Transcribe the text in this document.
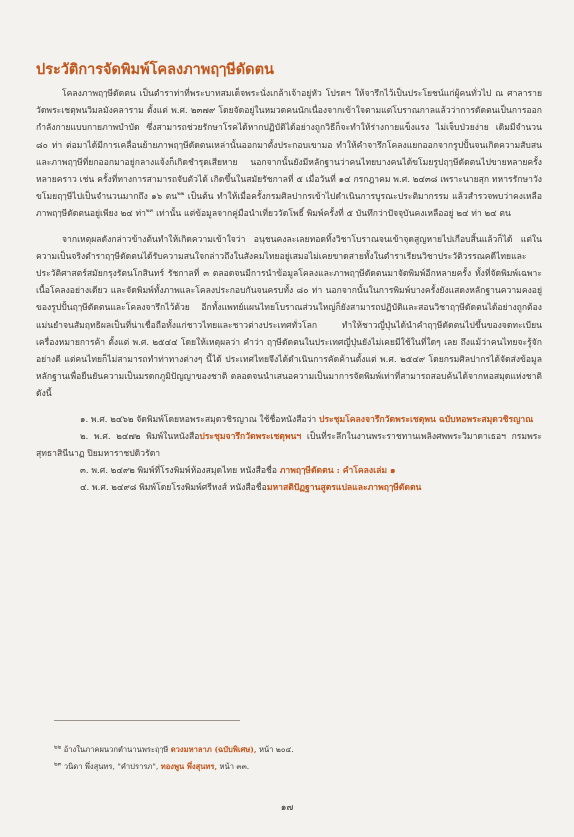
ประวัติการจัดพิมพ์โคลงภาพฤๅษีดัดตน

โคลงภาพฤๅษีดัดตน เป็นตำราท่าที่พระบาทสมเด็จพระนั่งเกล้าเจ้าอยู่หัว โปรดฯ ให้จารึกไว้เป็นประโยชน์แก่ผู้คนทั่วไป ณ ศาลารายวัดพระเชตุพนวิมลมังคลาราม ตั้งแต่ พ.ศ. ๒๓๗๙ โดยจัดอยู่ในหมวดคนนักเนื่องจากเข้าใจตามแต่โบราณกาลแล้วว่าการดัดตนเป็นการออกกำลังกายแบบกายภาพบำบัด ซึ่งสามารถช่วยรักษาโรคได้หากปฏิบัติได้อย่างถูกวิธีก็จะทำให้ร่างกายแข็งแรง ไม่เจ็บป่วยง่าย เดิมมีจำนวน ๘๐ ท่า ต่อมาได้มีการเคลื่อนย้ายภาพฤๅษีดัดตนเหล่านั้นออกมาตั้งประกอบเขามอ ทำให้คำจารึกโคลงแยกออกจากรูปปั้นจนเกิดความสับสน และภาพฤๅษีที่ยกออกมาอยู่กลางแจ้งก็เกิดชำรุดเสียหาย นอกจากนั้นยังมีหลักฐานว่าคนไทยบางคนได้ขโมยรูปฤๅษีดัดตนไปขายหลายครั้งหลายคราว เช่น ครั้งที่ทางการสามารถจับตัวได้ เกิดขึ้นในสมัยรัชกาลที่ ๕ เมื่อวันที่ ๑๔ กรกฎาคม พ.ศ. ๒๔๓๘ เพราะนายสุก ทหารรักษาวังขโมยฤๅษีไปเป็นจำนวนมากถึง ๑๖ ตน$^{๒๒}$ เป็นต้น ทำให้เมื่อครั้งกรมศิลปากรเข้าไปดำเนินการบูรณะประติมากรรม แล้วสำรวจพบว่าคงเหลือภาพฤๅษีดัดตนอยู่เพียง ๒๔ ท่า$^{๒๓}$ เท่านั้น แต่ข้อมูลจากคู่มือนำเที่ยววัดโพธิ์ พิมพ์ครั้งที่ ๕ บันทึกว่าปัจจุบันคงเหลืออยู่ ๒๔ ท่า ๒๔ ตน

จากเหตุผลดังกล่าวข้างต้นทำให้เกิดความเข้าใจว่า อนุชนคงละเลยทอดทิ้งวิชาโบราณจนเข้าจุดสูญหายไปเกือบสิ้นแล้วก็ได้ แต่ในความเป็นจริงตำราฤๅษีดัดตนได้รับความสนใจกล่าวถึงในสังคมไทยอยู่เสมอไม่เคยขาดสายทั้งในตำราเรียนวิชาประวัติวรรณคดีไทยและประวัติศาสตร์สมัยกรุงรัตนโกสินทร์ รัชกาลที่ ๓ ตลอดจนมีการนำข้อมูลโคลงและภาพฤๅษีดัดตนมาจัดพิมพ์อีกหลายครั้ง ทั้งที่จัดพิมพ์เฉพาะเนื้อโคลงอย่างเดียว และจัดพิมพ์ทั้งภาพและโคลงประกอบกันจนครบทั้ง ๘๐ ท่า นอกจากนั้นในการพิมพ์บางครั้งยังแสดงหลักฐานความคงอยู่ของรูปปั้นฤๅษีดัดตนและโคลงจารึกไว้ด้วย อีกทั้งแพทย์แผนไทยโบราณส่วนใหญ่ก็ยังสามารถปฏิบัติและสอนวิชาฤๅษีดัดตนได้อย่างถูกต้องแม่นยำจนสัมฤทธิผลเป็นที่น่าเชื่อถือทั้งแก่ชาวไทยและชาวต่างประเทศทั่วโลก ทำให้ชาวญี่ปุ่นได้นำคำฤๅษีดัดตนไปขึ้นของจดทะเบียนเครื่องหมายการค้า ตั้งแต่ พ.ศ. ๒๕๔๔ โดยให้เหตุผลว่า คำว่า ฤๅษีดัดตนในประเทศญี่ปุ่นยังไม่เคยมีใช้ในที่ใดๆ เลย ถึงแม้ว่าคนไทยจะรู้จักอย่างดี แต่คนไทยก็ไม่สามารถทำท่าทางต่างๆ นี้ได้ ประเทศไทยจึงได้ดำเนินการคัดค้านตั้งแต่ พ.ศ. ๒๕๔๙ โดยกรมศิลปากรได้จัดส่งข้อมูลหลักฐานเพื่อยืนยันความเป็นมรดกภูมิปัญญาของชาติ ตลอดจนนำเสนอความเป็นมาการจัดพิมพ์เท่าที่สามารถสอบค้นได้จากหอสมุดแห่งชาติ ดังนี้

๑. พ.ศ. ๒๔๖๒ จัดพิมพ์โดยหอพระสมุดวชิรญาณ ใช้ชื่อหนังสือว่า ประชุมโคลงจารึกวัดพระเชตุพน ฉบับหอพระสมุดวชิรญาณ
๒. พ.ศ. ๒๔๗๒ พิมพ์ในหนังสือประชุมจารึกวัดพระเชตุพนฯ เป็นที่ระลึกในงานพระราชทานเพลิงศพพระวิมาดาเธอฯ กรมพระสุทธาสินีนาฏ ปิยมหาราชปดิวรัดา
๓. พ.ศ. ๒๔๙๒ พิมพ์ที่โรงพิมพ์ห้องสมุดไทย หนังสือชื่อ ภาพฤๅษีดัดตน : คำโคลงเล่ม ๑
๔. พ.ศ. ๒๔๙๘ พิมพ์โดยโรงพิมพ์ศรีหงส์ หนังสือชื่อมหาสติปัฏฐานสูตรแปลและภาพฤๅษีดัดตน
$^{๒๒}$ อ้างในภาคผนวกตำนานพระฤๅษี ดวงมหาลาภ (ฉบับพิเศษ), หน้า ๒๐๔.
$^{๒๓}$ วนิดา พึ่งสุนทร, "คำปรารภ", ทองพูน พึ่งสุนทร, หน้า ๓๓.
๑๗
